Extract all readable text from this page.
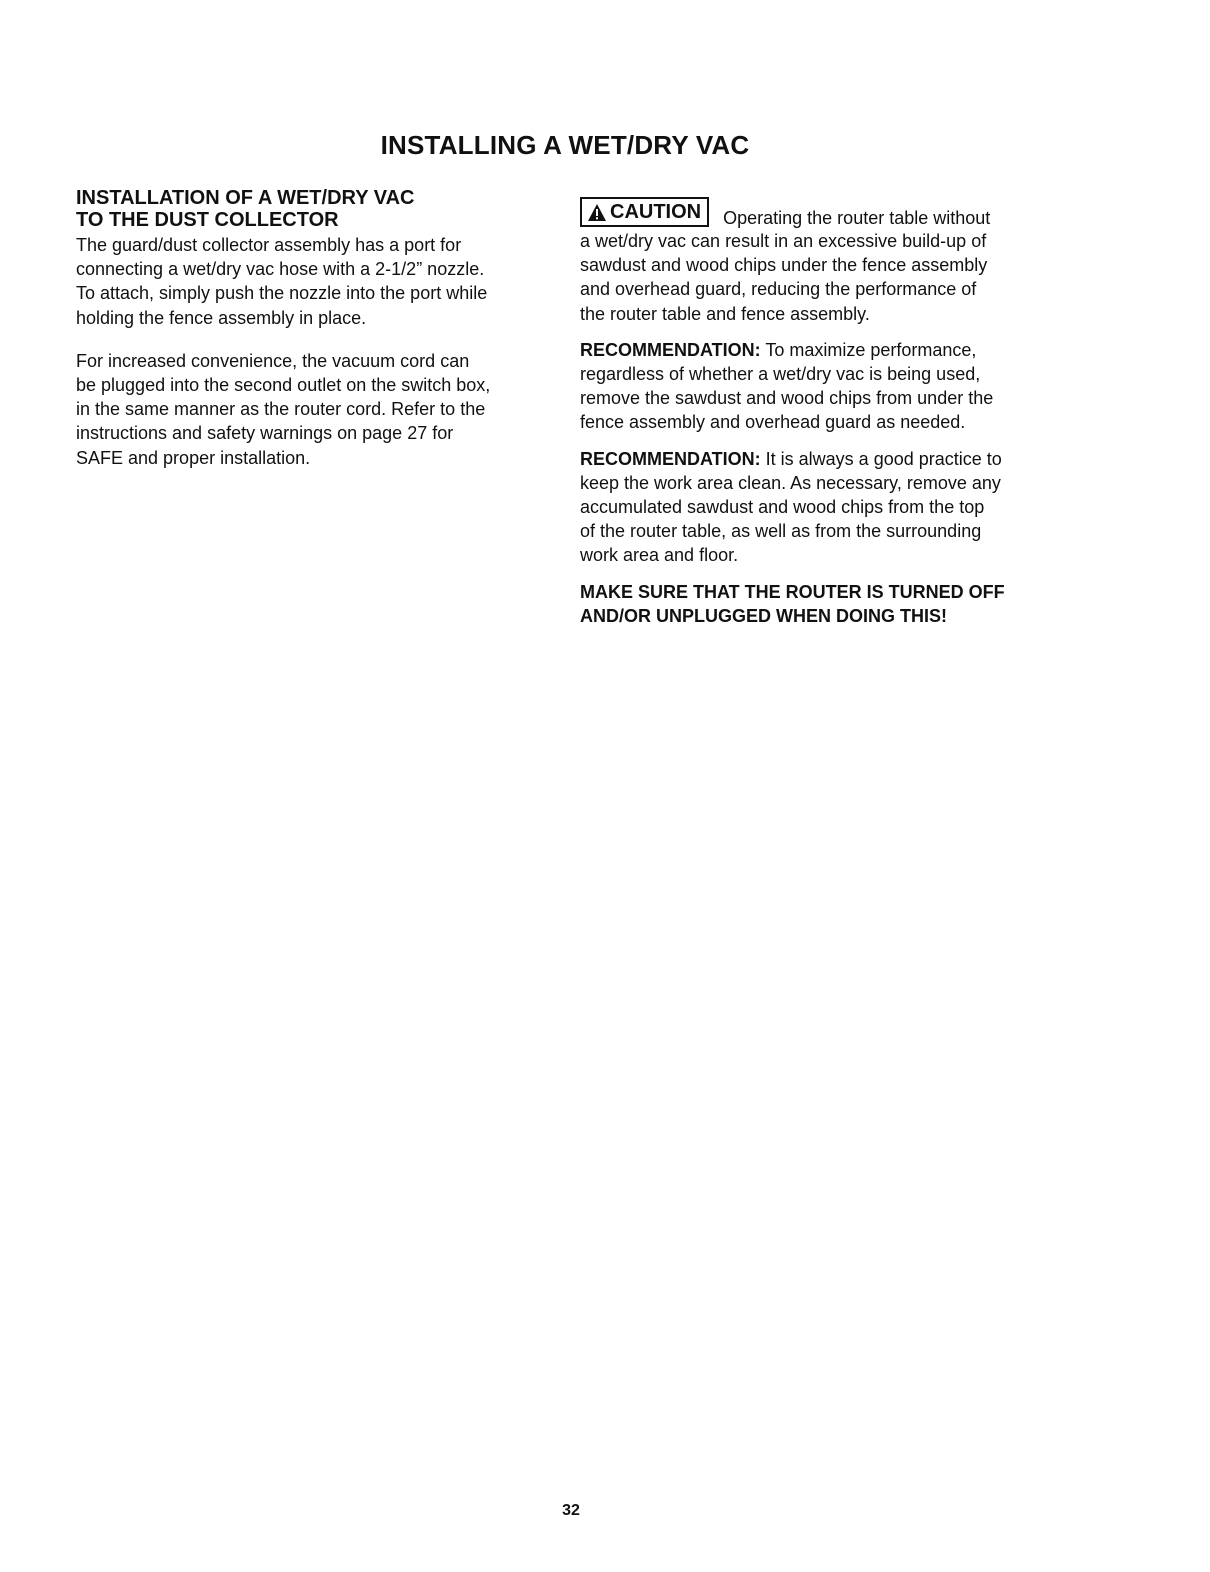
INSTALLING A WET/DRY VAC
INSTALLATION OF A WET/DRY VAC
TO THE DUST COLLECTOR

The guard/dust collector assembly has a port for
connecting a wet/dry vac hose with a 2-1/2” nozzle.
To attach, simply push the nozzle into the port while
holding the fence assembly in place.

For increased convenience, the vacuum cord can
be plugged into the second outlet on the switch box,
in the same manner as the router cord. Refer to the
instructions and safety warnings on page 27 for
SAFE and proper installation.

CAUTION Operating the router table without

a wet/dry vac can result in an excessive build-up of
sawdust and wood chips under the fence assembly
and overhead guard, reducing the performance of
the router table and fence assembly.

RECOMMENDATION: To maximize performance,
regardless of whether a wet/dry vac is being used,
remove the sawdust and wood chips from under the
fence assembly and overhead guard as needed.

RECOMMENDATION: It is always a good practice to
keep the work area clean. As necessary, remove any
accumulated sawdust and wood chips from the top
of the router table, as well as from the surrounding
work area and floor.

MAKE SURE THAT THE ROUTER IS TURNED OFF
AND/OR UNPLUGGED WHEN DOING THIS!

32
